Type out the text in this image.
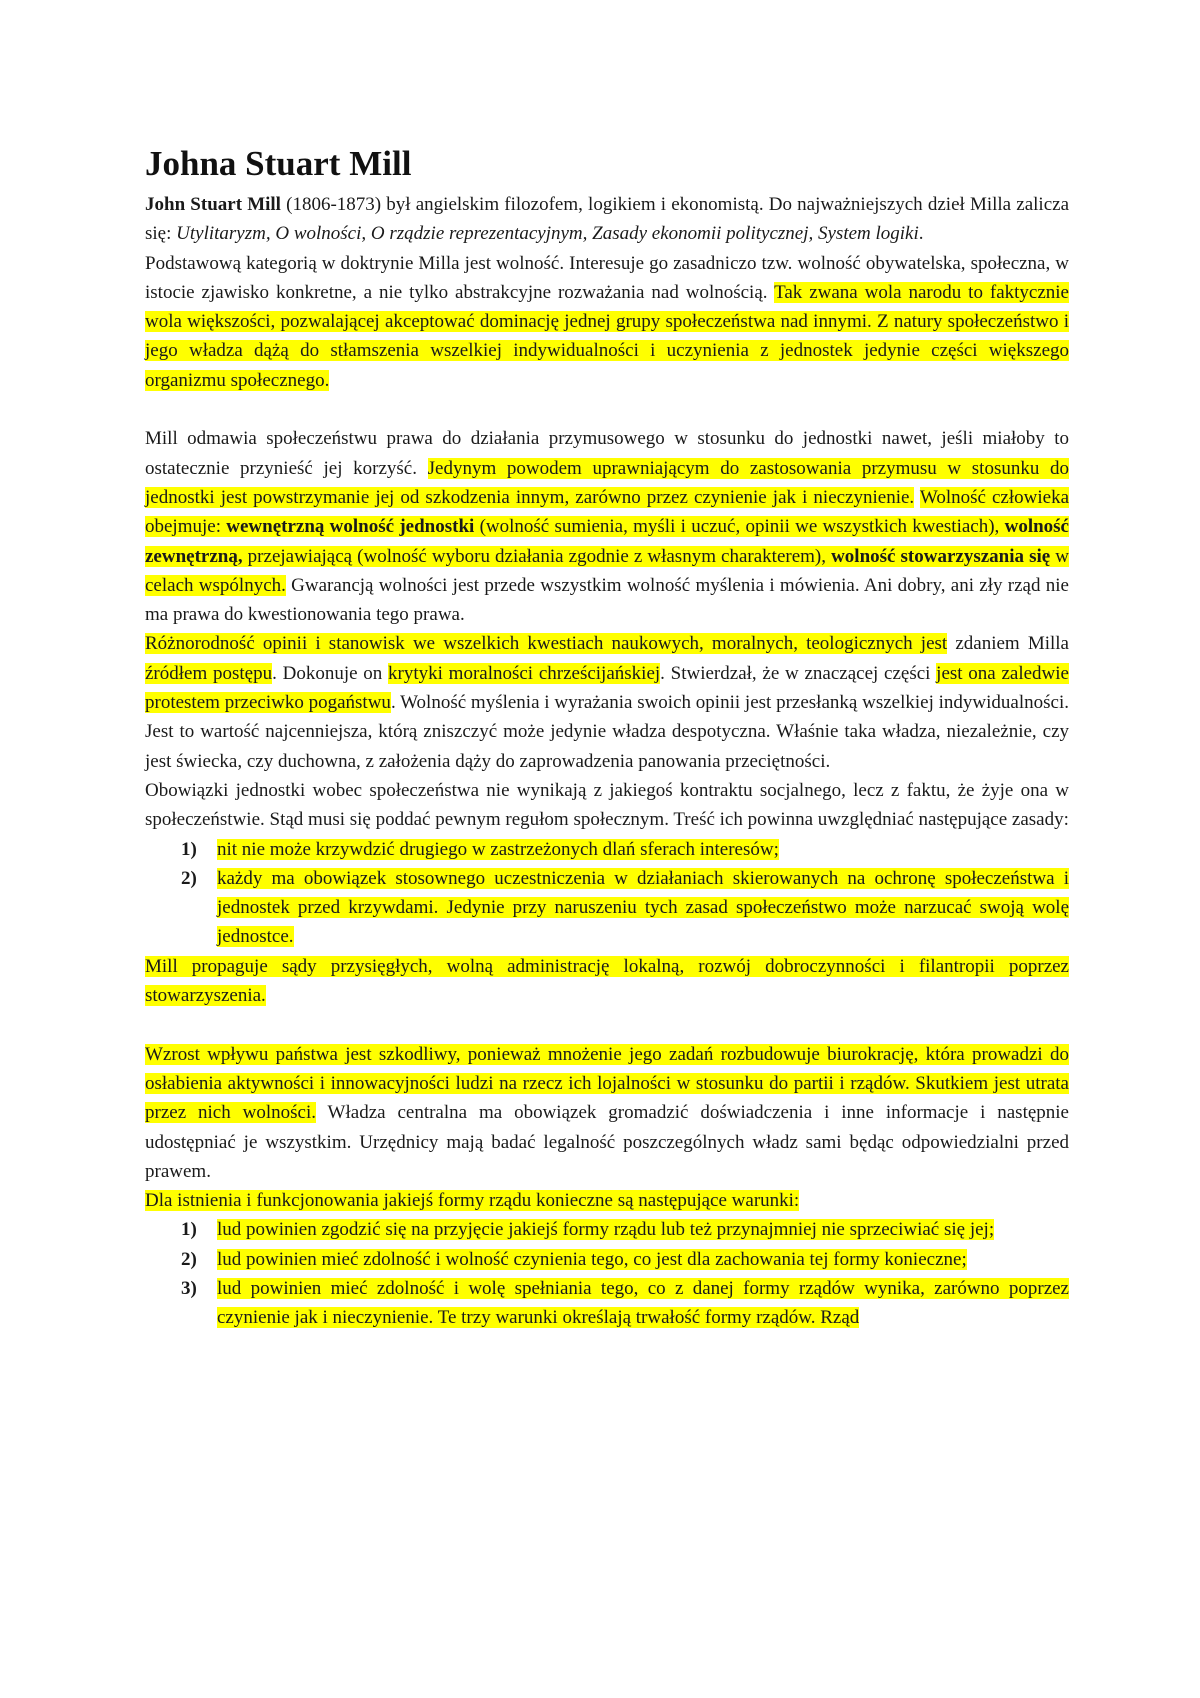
Johna Stuart Mill

John Stuart Mill (1806-1873) był angielskim filozofem, logikiem i ekonomistą. Do najważniejszych dzieł Milla zalicza się: Utylitaryzm, O wolności, O rządzie reprezentacyjnym, Zasady ekonomii politycznej, System logiki.

Podstawową kategorią w doktrynie Milla jest wolność. Interesuje go zasadniczo tzw. wolność obywatelska, społeczna, w istocie zjawisko konkretne, a nie tylko abstrakcyjne rozważania nad wolnością. Tak zwana wola narodu to faktycznie wola większości, pozwalającej akceptować dominację jednej grupy społeczeństwa nad innymi. Z natury społeczeństwo i jego władza dążą do stłamszenia wszelkiej indywidualności i uczynienia z jednostek jedynie części większego organizmu społecznego.

Mill odmawia społeczeństwu prawa do działania przymusowego w stosunku do jednostki nawet, jeśli miałoby to ostatecznie przynieść jej korzyść. Jedynym powodem uprawniającym do zastosowania przymusu w stosunku do jednostki jest powstrzymanie jej od szkodzenia innym, zarówno przez czynienie jak i nieczynienie. Wolność człowieka obejmuje: wewnętrzną wolność jednostki (wolność sumienia, myśli i uczuć, opinii we wszystkich kwestiach), wolność zewnętrzną, przejawiającą (wolność wyboru działania zgodnie z własnym charakterem), wolność stowarzyszania się w celach wspólnych. Gwarancją wolności jest przede wszystkim wolność myślenia i mówienia. Ani dobry, ani zły rząd nie ma prawa do kwestionowania tego prawa.

Różnorodność opinii i stanowisk we wszelkich kwestiach naukowych, moralnych, teologicznych jest zdaniem Milla źródłem postępu. Dokonuje on krytyki moralności chrześcijańskiej. Stwierdzał, że w znaczącej części jest ona zaledwie protestem przeciwko pogaństwu. Wolność myślenia i wyrażania swoich opinii jest przesłanką wszelkiej indywidualności. Jest to wartość najcenniejsza, którą zniszczyć może jedynie władza despotyczna. Właśnie taka władza, niezależnie, czy jest świecka, czy duchowna, z założenia dąży do zaprowadzenia panowania przeciętności.

Obowiązki jednostki wobec społeczeństwa nie wynikają z jakiegoś kontraktu socjalnego, lecz z faktu, że żyje ona w społeczeństwie. Stąd musi się poddać pewnym regułom społecznym. Treść ich powinna uwzględniać następujące zasady:

1) nit nie może krzywdzić drugiego w zastrzeżonych dlań sferach interesów;
2) każdy ma obowiązek stosownego uczestniczenia w działaniach skierowanych na ochronę społeczeństwa i jednostek przed krzywdami. Jedynie przy naruszeniu tych zasad społeczeństwo może narzucać swoją wolę jednostce.

Mill propaguje sądy przysięgłych, wolną administrację lokalną, rozwój dobroczynności i filantropii poprzez stowarzyszenia.

Wzrost wpływu państwa jest szkodliwy, ponieważ mnożenie jego zadań rozbudowuje biurokrację, która prowadzi do osłabienia aktywności i innowacyjności ludzi na rzecz ich lojalności w stosunku do partii i rządów. Skutkiem jest utrata przez nich wolności. Władza centralna ma obowiązek gromadzić doświadczenia i inne informacje i następnie udostępniać je wszystkim. Urzędnicy mają badać legalność poszczególnych władz sami będąc odpowiedzialni przed prawem.

Dla istnienia i funkcjonowania jakiejś formy rządu konieczne są następujące warunki:

1) lud powinien zgodzić się na przyjęcie jakiejś formy rządu lub też przynajmniej nie sprzeciwiać się jej;
2) lud powinien mieć zdolność i wolność czynienia tego, co jest dla zachowania tej formy konieczne;
3) lud powinien mieć zdolność i wolę spełniania tego, co z danej formy rządów wynika, zarówno poprzez czynienie jak i nieczynienie. Te trzy warunki określają trwałość formy rządów. Rząd
